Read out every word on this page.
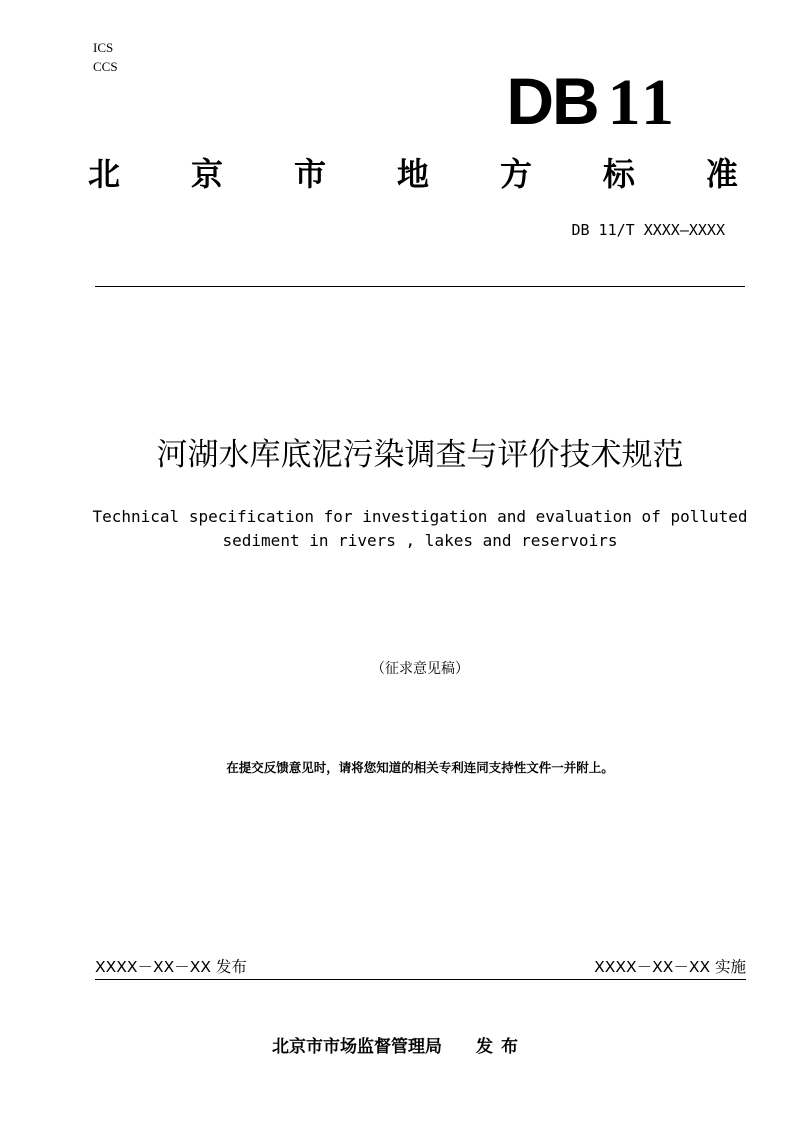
ICS
CCS	DB 11
北 京 市 地 方 标 准
DB 11/T XXXX—XXXX
河湖水库底泥污染调查与评价技术规范
Technical specification for investigation and evaluation of polluted
sediment in rivers , lakes and reservoirs
（征求意见稿）
在提交反馈意见时，请将您知道的相关专利连同支持性文件一并附上。
XXXX－XX－XX 发布	XXXX－XX－XX 实施
北京市市场监督管理局 发布
